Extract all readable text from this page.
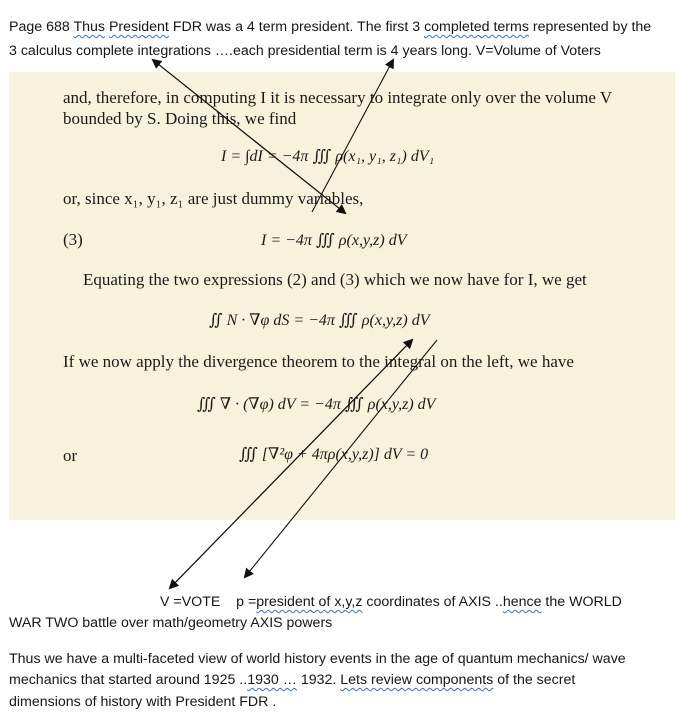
Page 688 Thus President FDR was a 4 term president. The first 3 completed terms represented by the
3 calculus complete integrations ….each presidential term is 4 years long. V=Volume of Voters
and, therefore, in computing I it is necessary to integrate only over the volume V
bounded by S. Doing this, we find
I = ∫dI = −4π ∭ ρ(x₁, y₁, z₁) dV₁
or, since x₁, y₁, z₁ are just dummy variables,
(3)	I = −4π ∭ ρ(x,y,z) dV
Equating the two expressions (2) and (3) which we now have for I, we get
∬ N · ∇φ dS = −4π ∭ ρ(x,y,z) dV
If we now apply the divergence theorem to the integral on the left, we have
∭ ∇ · (∇φ) dV = −4π ∭ ρ(x,y,z) dV
or	∭ [∇²φ + 4πρ(x,y,z)] dV = 0
V =VOTE p =president of x,y,z coordinates of AXIS ..hence the WORLD
WAR TWO battle over math/geometry AXIS powers
Thus we have a multi-faceted view of world history events in the age of quantum mechanics/ wave
mechanics that started around 1925 ..1930 … 1932. Lets review components of the secret
dimensions of history with President FDR .
